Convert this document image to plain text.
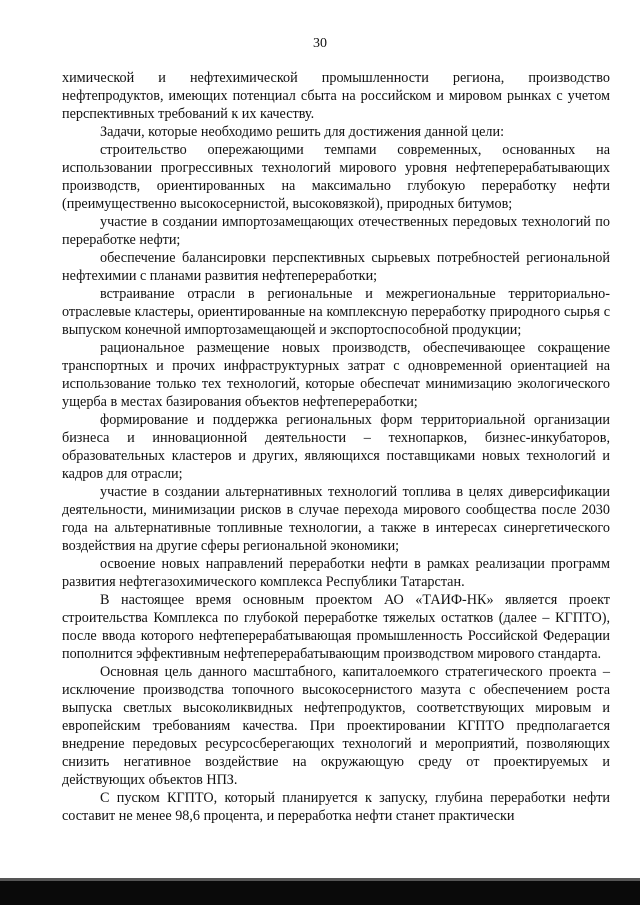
30

химической и нефтехимической промышленности региона, производство нефтепродуктов, имеющих потенциал сбыта на российском и мировом рынках с учетом перспективных требований к их качеству.

Задачи, которые необходимо решить для достижения данной цели:

строительство опережающими темпами современных, основанных на использовании прогрессивных технологий мирового уровня нефтеперерабатывающих производств, ориентированных на максимально глубокую переработку нефти (преимущественно высокосернистой, высоковязкой), природных битумов;

участие в создании импортозамещающих отечественных передовых технологий по переработке нефти;

обеспечение балансировки перспективных сырьевых потребностей региональной нефтехимии с планами развития нефтепереработки;

встраивание отрасли в региональные и межрегиональные территориально-отраслевые кластеры, ориентированные на комплексную переработку природного сырья с выпуском конечной импортозамещающей и экспортоспособной продукции;

рациональное размещение новых производств, обеспечивающее сокращение транспортных и прочих инфраструктурных затрат с одновременной ориентацией на использование только тех технологий, которые обеспечат минимизацию экологического ущерба в местах базирования объектов нефтепереработки;

формирование и поддержка региональных форм территориальной организации бизнеса и инновационной деятельности – технопарков, бизнес-инкубаторов, образовательных кластеров и других, являющихся поставщиками новых технологий и кадров для отрасли;

участие в создании альтернативных технологий топлива в целях диверсификации деятельности, минимизации рисков в случае перехода мирового сообщества после 2030 года на альтернативные топливные технологии, а также в интересах синергетического воздействия на другие сферы региональной экономики;

освоение новых направлений переработки нефти в рамках реализации программ развития нефтегазохимического комплекса Республики Татарстан.

В настоящее время основным проектом АО «ТАИФ-НК» является проект строительства Комплекса по глубокой переработке тяжелых остатков (далее – КГПТО), после ввода которого нефтеперерабатывающая промышленность Российской Федерации пополнится эффективным нефтеперерабатывающим производством мирового стандарта.

Основная цель данного масштабного, капиталоемкого стратегического проекта – исключение производства топочного высокосернистого мазута с обеспечением роста выпуска светлых высоколиквидных нефтепродуктов, соответствующих мировым и европейским требованиям качества. При проектировании КГПТО предполагается внедрение передовых ресурсосберегающих технологий и мероприятий, позволяющих снизить негативное воздействие на окружающую среду от проектируемых и действующих объектов НПЗ.

С пуском КГПТО, который планируется к запуску, глубина переработки нефти составит не менее 98,6 процента, и переработка нефти станет практически
